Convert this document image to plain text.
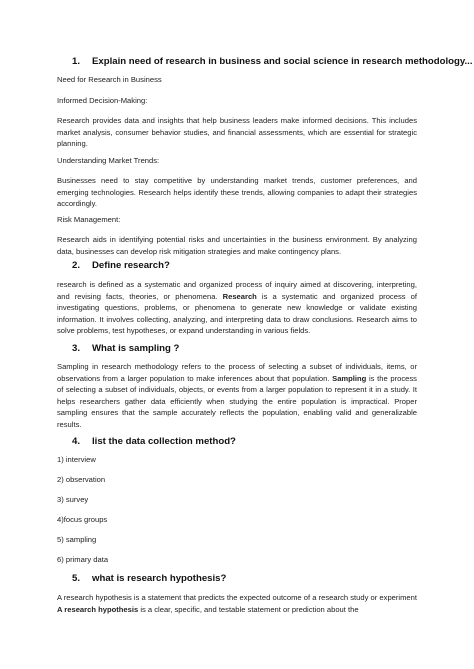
1. Explain need of research in business and social science in research methodology...
Need for Research in Business
Informed Decision-Making:
Research provides data and insights that help business leaders make informed decisions. This includes market analysis, consumer behavior studies, and financial assessments, which are essential for strategic planning.
Understanding Market Trends:
Businesses need to stay competitive by understanding market trends, customer preferences, and emerging technologies. Research helps identify these trends, allowing companies to adapt their strategies accordingly.
Risk Management:
Research aids in identifying potential risks and uncertainties in the business environment. By analyzing data, businesses can develop risk mitigation strategies and make contingency plans.
2. Define research?
research is defined as a systematic and organized process of inquiry aimed at discovering, interpreting, and revising facts, theories, or phenomena. Research is a systematic and organized process of investigating questions, problems, or phenomena to generate new knowledge or validate existing information. It involves collecting, analyzing, and interpreting data to draw conclusions. Research aims to solve problems, test hypotheses, or expand understanding in various fields.
3. What is sampling ?
Sampling in research methodology refers to the process of selecting a subset of individuals, items, or observations from a larger population to make inferences about that population. Sampling is the process of selecting a subset of individuals, objects, or events from a larger population to represent it in a study. It helps researchers gather data efficiently when studying the entire population is impractical. Proper sampling ensures that the sample accurately reflects the population, enabling valid and generalizable results.
4. list the data collection method?
1) interview
2) observation
3) survey
4)focus groups
5) sampling
6) primary data
5. what is research hypothesis?
A research hypothesis is a statement that predicts the expected outcome of a research study or experiment A research hypothesis is a clear, specific, and testable statement or prediction about the
